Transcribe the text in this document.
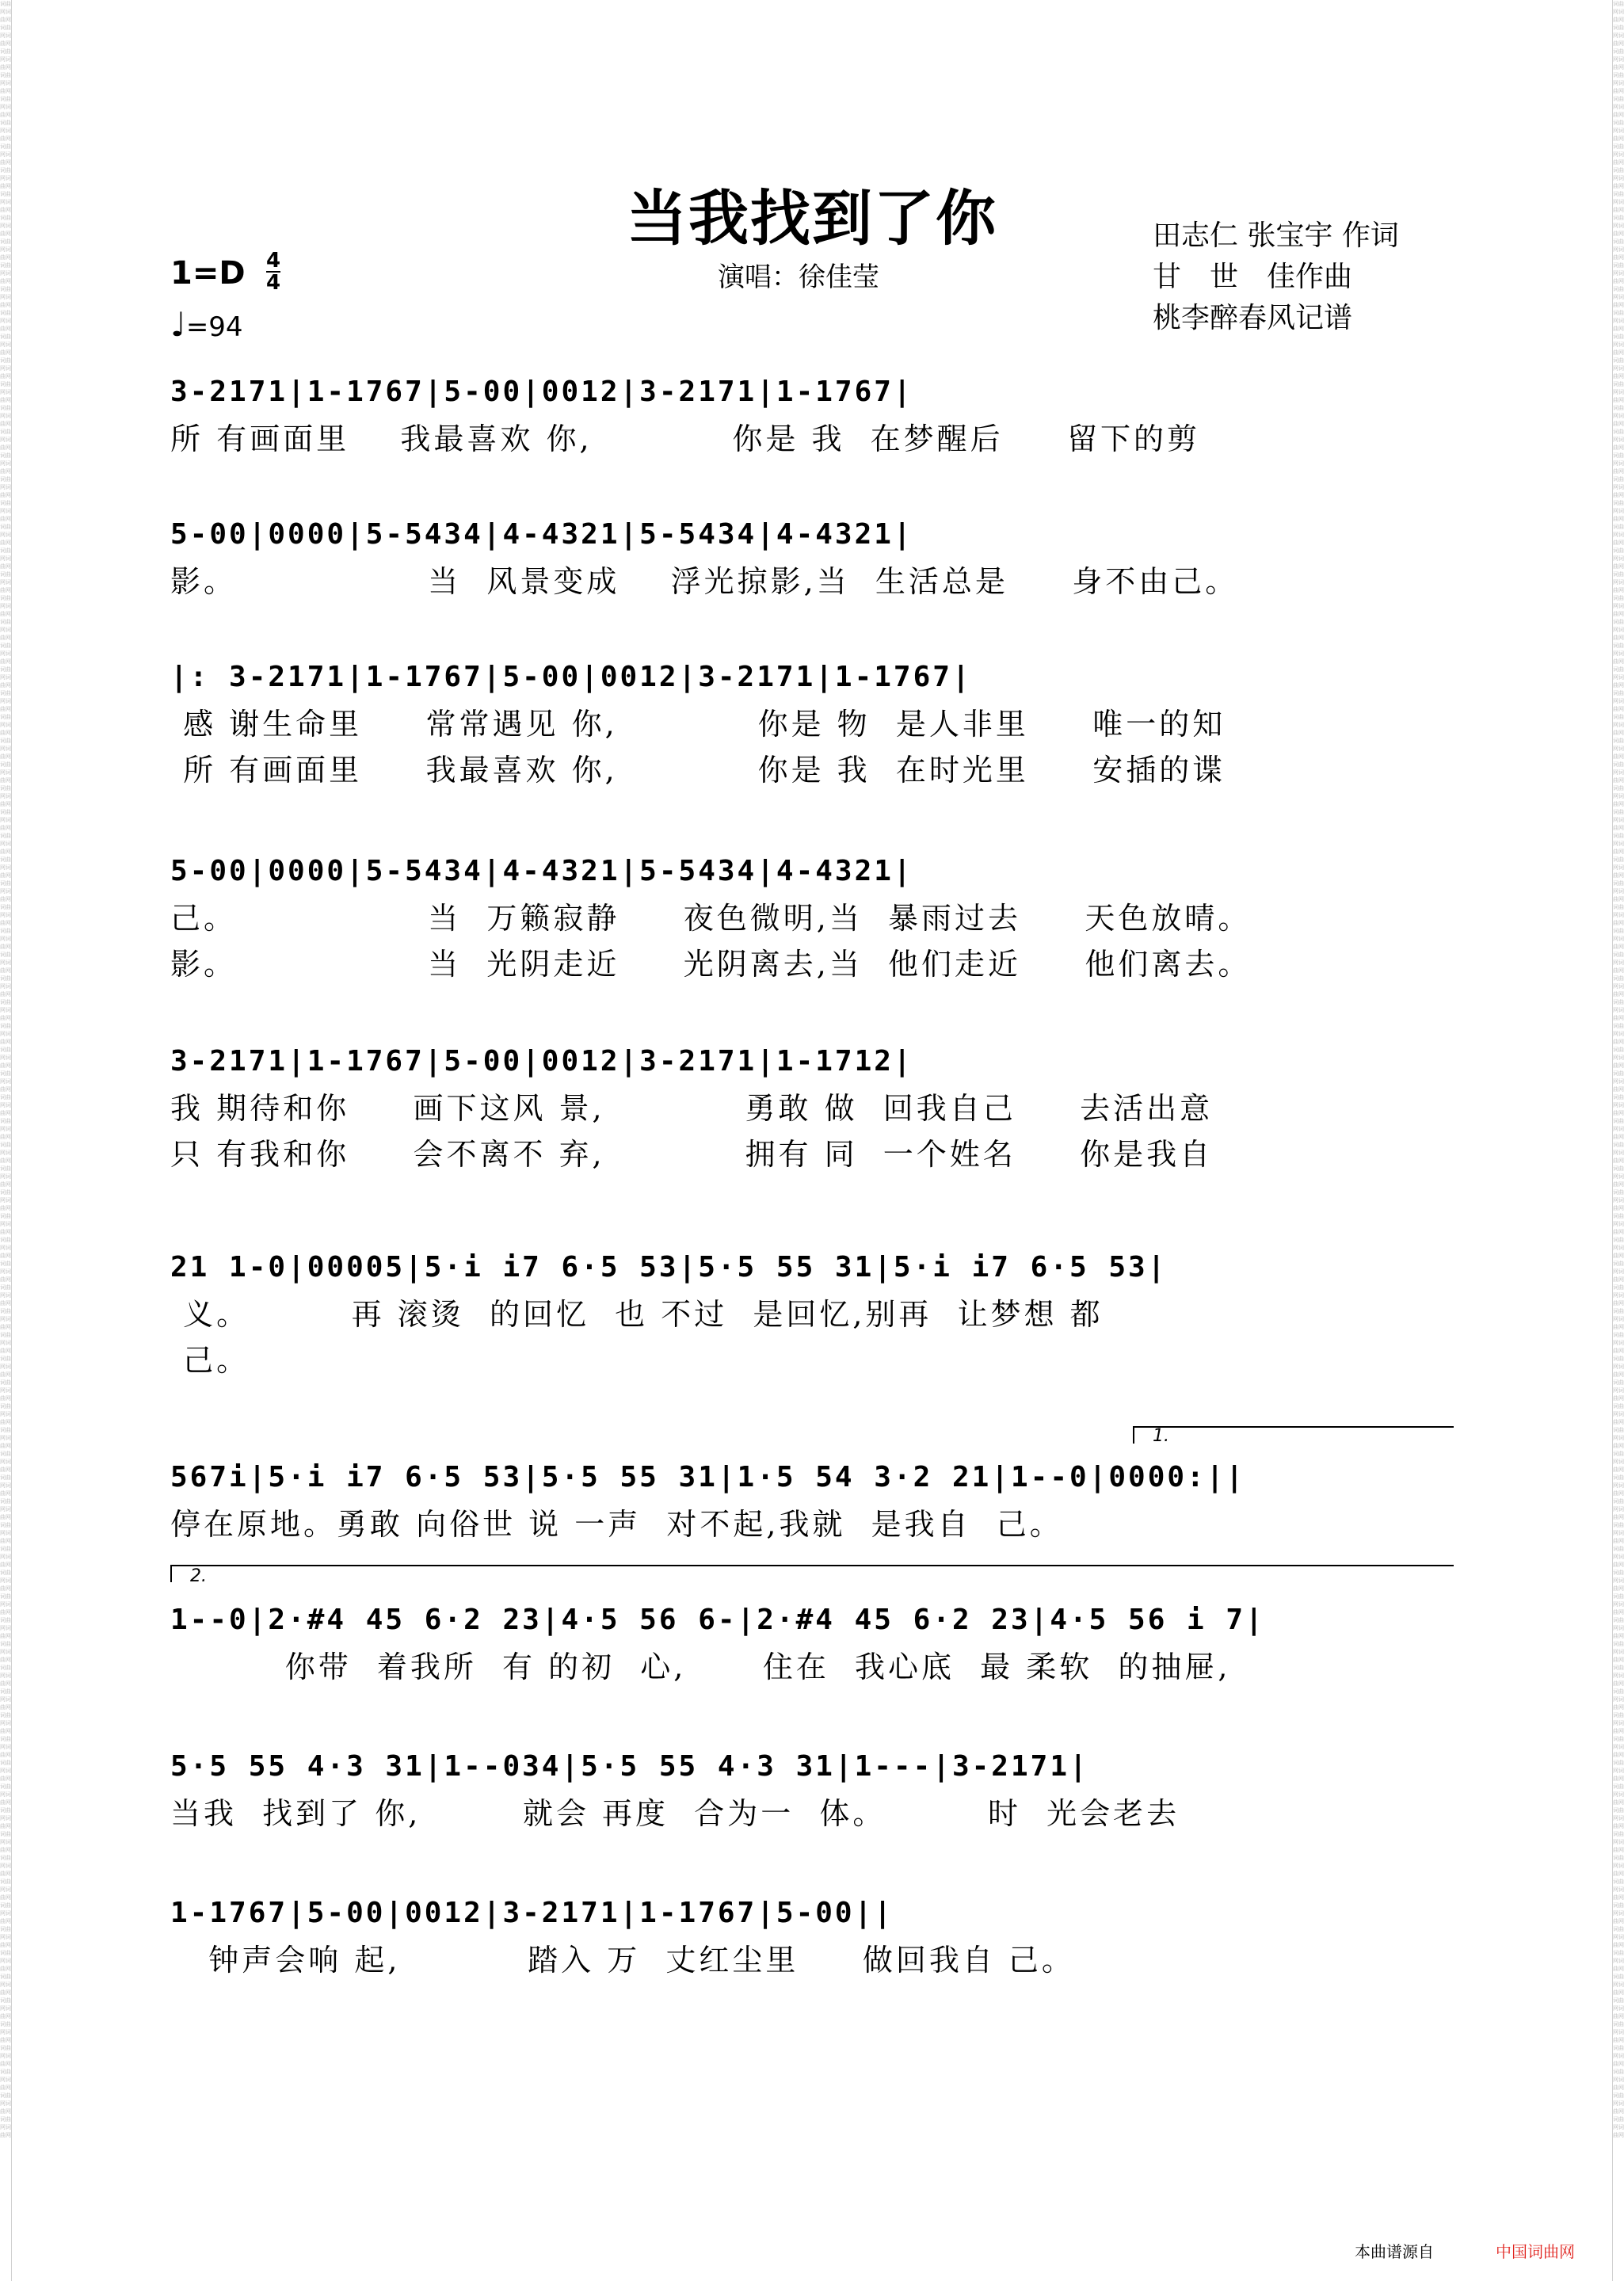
词曲网词曲网词曲网词曲网词曲网词曲网词曲网词曲网词曲网词曲网词曲网词曲网词曲网词曲网词曲网词曲网词曲网词曲网词曲网词曲网词曲网词曲网词曲网词曲网词曲网词曲网词曲网词曲网词曲网词曲网词曲网词曲网词曲网词曲网词曲网词曲网词曲网词曲网词曲网词曲网词曲网词曲网词曲网词曲网词曲网词曲网词曲网词曲网词曲网词曲网词曲网词曲网词曲网词曲网词曲网词曲网词曲网词曲网词曲网词曲网词曲网词曲网词曲网词曲网词曲网词曲网词曲网词曲网词曲网词曲网词曲网词曲网词曲网词曲网词曲网词曲网词曲网词曲网词曲网词曲网词曲网词曲网词曲网词曲网词曲网词曲网词曲网词曲网词曲网词曲网词曲网词曲网词曲网词曲网词曲网词曲网词曲网词曲网词曲网词曲网词曲网词曲网词曲网词曲网词曲网词曲网词曲网词曲网词曲网词曲网词曲网词曲网词曲网词曲网词曲网词曲网词曲网词曲网词曲网词曲网词曲网词曲网词曲网词曲网词曲网词曲网词曲网词曲网词曲网词曲网词曲网词曲网词曲网词曲网词曲网词曲网词曲网词曲网词曲网词曲网词曲网词曲网词曲网词曲网词曲网词曲网词曲网词曲网词曲网词曲网词曲网词曲网词曲网词曲网词曲网词曲网词曲网词曲网词曲网词曲网词曲网词曲网词曲网词曲网词曲网词曲网词曲网词曲网词曲网词曲网词曲网词曲网词曲网词曲网词曲网词曲网词曲网词曲网词曲网词曲网
词曲网词曲网词曲网词曲网词曲网词曲网词曲网词曲网词曲网词曲网词曲网词曲网词曲网词曲网词曲网词曲网词曲网词曲网词曲网词曲网词曲网词曲网词曲网词曲网词曲网词曲网词曲网词曲网词曲网词曲网词曲网词曲网词曲网词曲网词曲网词曲网词曲网词曲网词曲网词曲网词曲网词曲网词曲网词曲网词曲网词曲网词曲网词曲网词曲网词曲网词曲网词曲网词曲网词曲网词曲网词曲网词曲网词曲网词曲网词曲网词曲网词曲网词曲网词曲网词曲网词曲网词曲网词曲网词曲网词曲网词曲网词曲网词曲网词曲网词曲网词曲网词曲网词曲网词曲网词曲网词曲网词曲网词曲网词曲网词曲网词曲网词曲网词曲网词曲网词曲网词曲网词曲网词曲网词曲网词曲网词曲网词曲网词曲网词曲网词曲网词曲网词曲网词曲网词曲网词曲网词曲网词曲网词曲网词曲网词曲网词曲网词曲网词曲网词曲网词曲网词曲网词曲网词曲网词曲网词曲网词曲网词曲网词曲网词曲网词曲网词曲网词曲网词曲网词曲网词曲网词曲网词曲网词曲网词曲网词曲网词曲网词曲网词曲网词曲网词曲网词曲网词曲网词曲网词曲网词曲网词曲网词曲网词曲网词曲网词曲网词曲网词曲网词曲网词曲网词曲网词曲网词曲网词曲网词曲网词曲网词曲网词曲网词曲网词曲网词曲网词曲网词曲网词曲网词曲网词曲网词曲网词曲网词曲网词曲网词曲网词曲网词曲网词曲网词曲网词曲网
当我找到了你
演唱：徐佳莹
1=D 4
4
♩=94
田志仁 张宝宇 作词
甘　世　佳作曲
桃李醉春风记谱
3-2171|1-1767|5-00|0012|3-2171|1-1767|
所 有画面里    我最喜欢 你,           你是 我  在梦醒后     留下的剪
5-00|0000|5-5434|4-4321|5-5434|4-4321|
影。               当  风景变成    浮光掠影,当  生活总是     身不由己。
|: 3-2171|1-1767|5-00|0012|3-2171|1-1767|
感 谢生命里     常常遇见 你,           你是 物  是人非里     唯一的知
所 有画面里     我最喜欢 你,           你是 我  在时光里     安插的谍
5-00|0000|5-5434|4-4321|5-5434|4-4321|
己。               当  万籁寂静     夜色微明,当  暴雨过去     天色放晴。
影。               当  光阴走近     光阴离去,当  他们走近     他们离去。
3-2171|1-1767|5-00|0012|3-2171|1-1712|
我 期待和你     画下这风 景,           勇敢 做  回我自己     去活出意
只 有我和你     会不离不 弃,           拥有 同  一个姓名     你是我自
21 1-0|00005|5·i i7 6·5 53|5·5 55 31|5·i i7 6·5 53|
义。        再 滚烫  的回忆  也 不过  是回忆,别再  让梦想 都
己。
1.
567i|5·i i7 6·5 53|5·5 55 31|1·5 54 3·2 21|1--0|0000:||
停在原地。勇敢 向俗世 说 一声  对不起,我就  是我自  己。
2.
1--0|2·#4 45 6·2 23|4·5 56 6-|2·#4 45 6·2 23|4·5 56 i 7|
你带  着我所  有 的初  心,      住在  我心底  最 柔软  的抽屉,
5·5 55 4·3 31|1--034|5·5 55 4·3 31|1---|3-2171|
当我  找到了 你,        就会 再度  合为一  体。        时  光会老去
1-1767|5-00|0012|3-2171|1-1767|5-00||
钟声会响 起,          踏入 万  丈红尘里     做回我自 己。
本曲谱源自	中国词曲网
